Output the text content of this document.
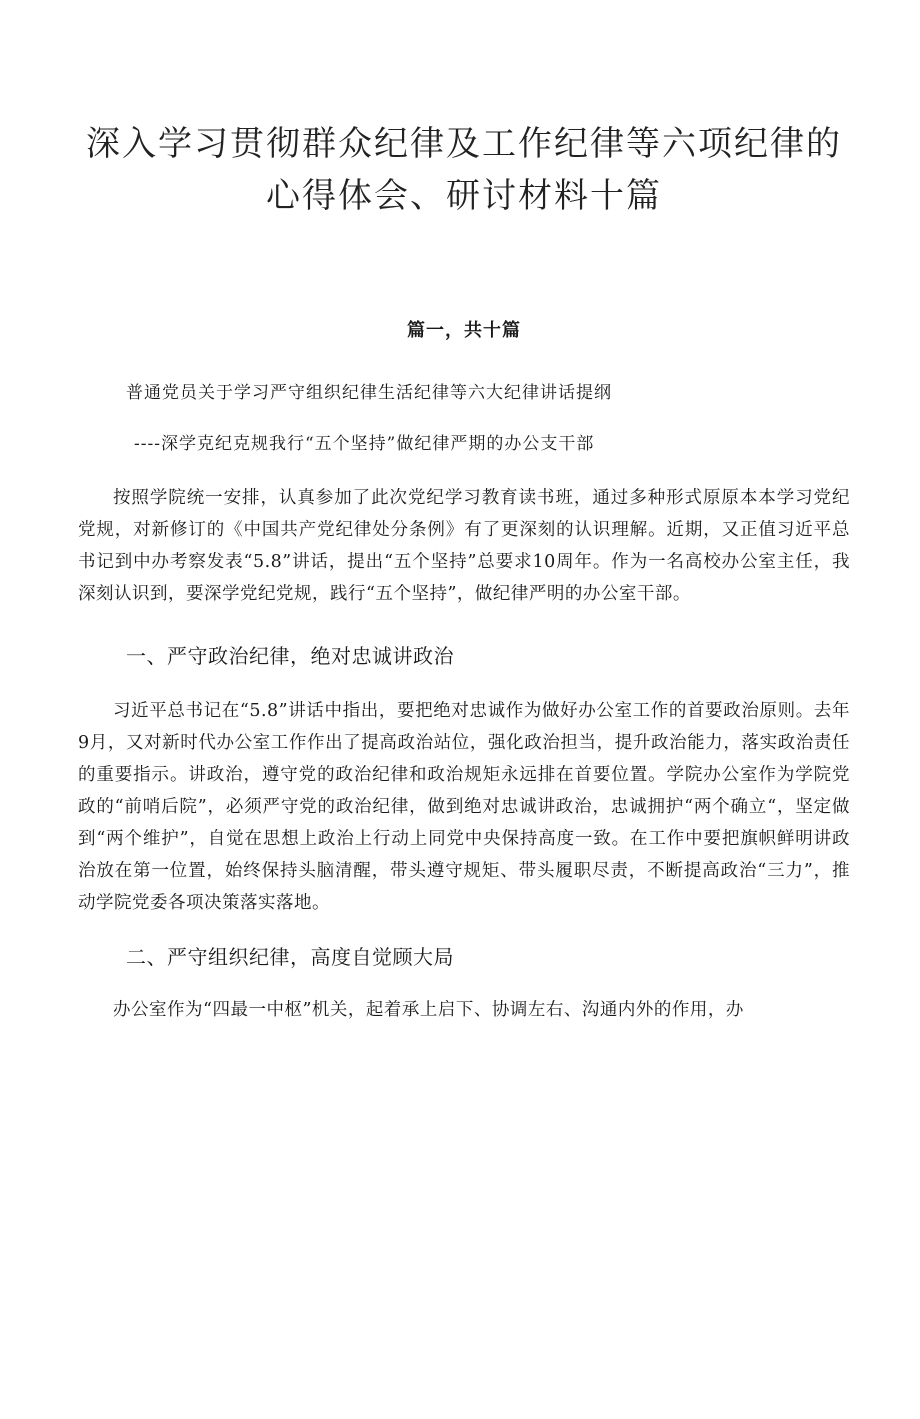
深入学习贯彻群众纪律及工作纪律等六项纪律的心得体会、研讨材料十篇
篇一，共十篇
普通党员关于学习严守组织纪律生活纪律等六大纪律讲话提纲
----深学克纪克规我行“五个坚持”做纪律严期的办公支干部

按照学院统一安排，认真参加了此次党纪学习教育读书班，通过多种形式原原本本学习党纪党规，对新修订的《中国共产党纪律处分条例》有了更深刻的认识理解。近期，又正值习近平总书记到中办考察发表“5.8”讲话，提出“五个坚持”总要求10周年。作为一名高校办公室主任，我深刻认识到，要深学党纪党规，践行“五个坚持”，做纪律严明的办公室干部。

一、严守政治纪律，绝对忠诚讲政治

习近平总书记在“5.8”讲话中指出，要把绝对忠诚作为做好办公室工作的首要政治原则。去年9月，又对新时代办公室工作作出了提高政治站位，强化政治担当，提升政治能力，落实政治责任的重要指示。讲政治，遵守党的政治纪律和政治规矩永远排在首要位置。学院办公室作为学院党政的“前哨后院”，必须严守党的政治纪律，做到绝对忠诚讲政治，忠诚拥护“两个确立“，坚定做到“两个维护”，自觉在思想上政治上行动上同党中央保持高度一致。在工作中要把旗帜鲜明讲政治放在第一位置，始终保持头脑清醒，带头遵守规矩、带头履职尽责，不断提高政治“三力”，推动学院党委各项决策落实落地。

二、严守组织纪律，高度自觉顾大局

办公室作为“四最一中枢”机关，起着承上启下、协调左右、沟通内外的作用，办
